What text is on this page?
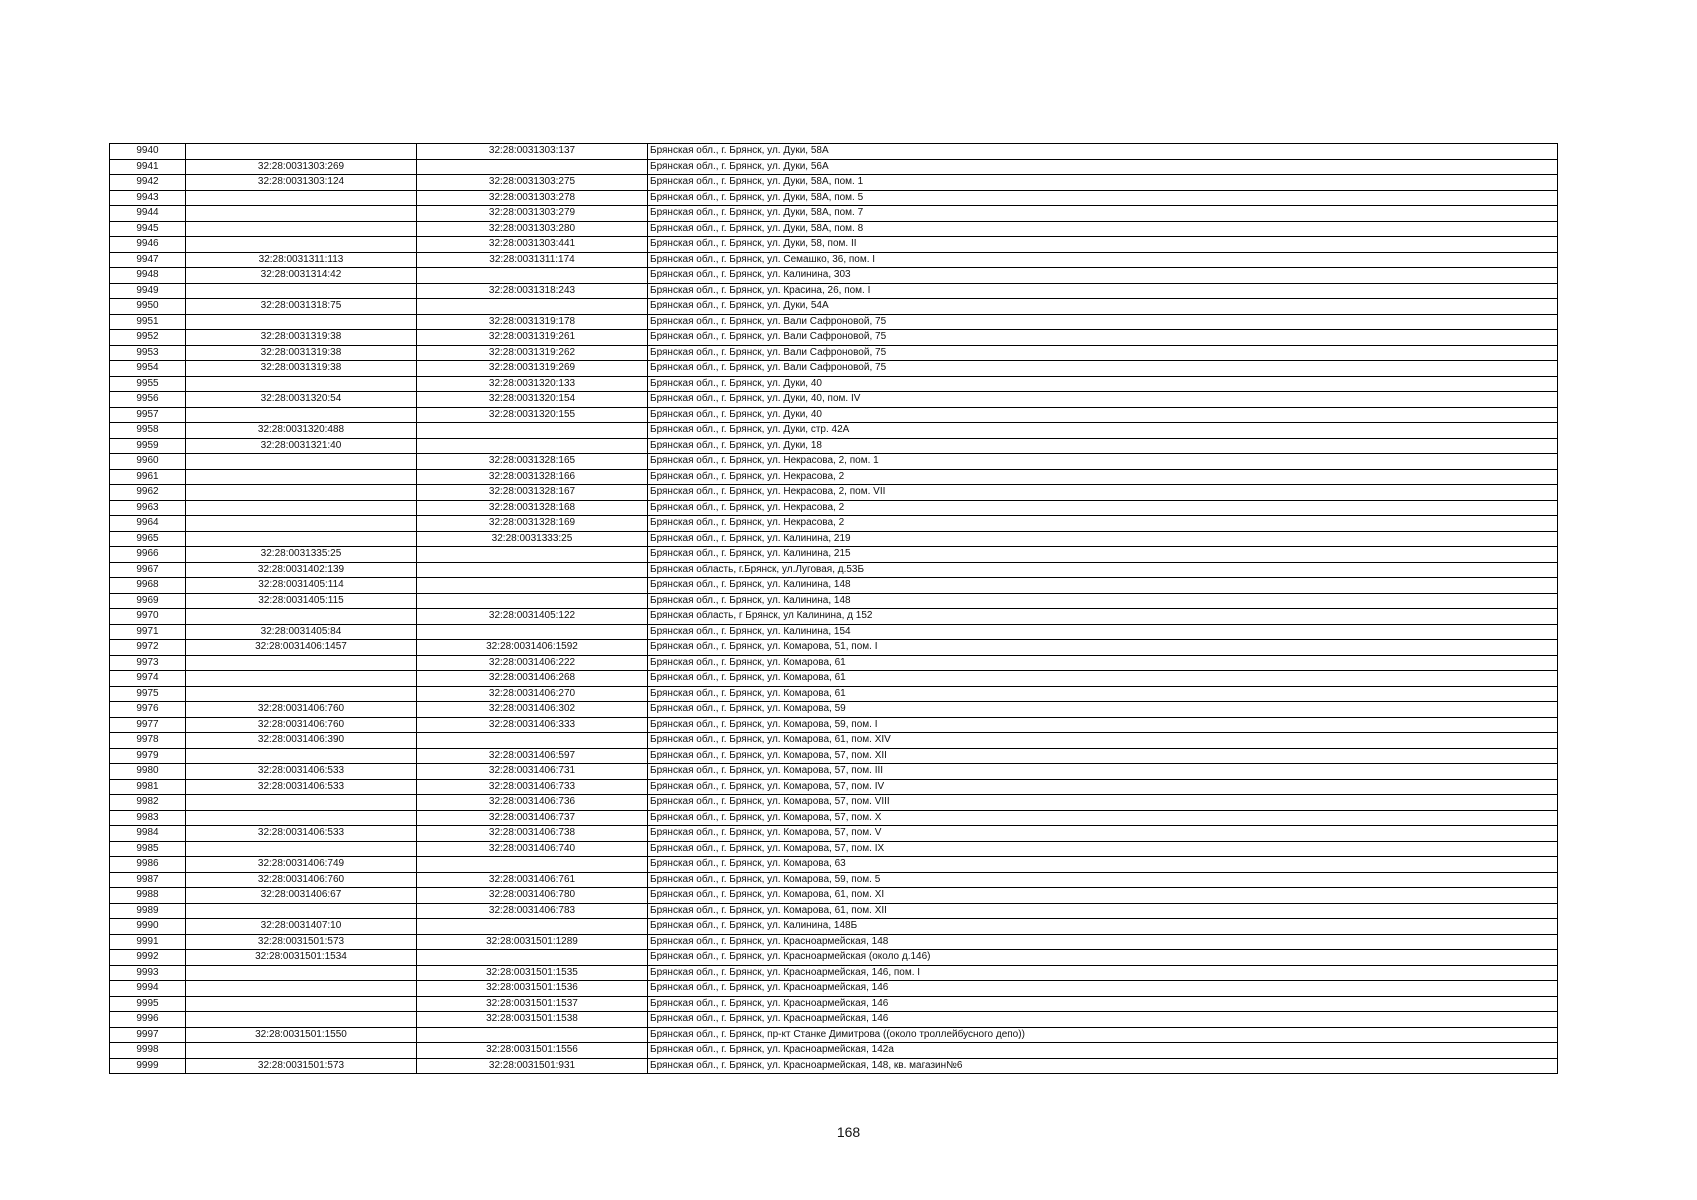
9940		32:28:0031303:137	Брянская обл., г. Брянск, ул. Дуки, 58А
9941	32:28:0031303:269		Брянская обл., г. Брянск, ул. Дуки, 56А
9942	32:28:0031303:124	32:28:0031303:275	Брянская обл., г. Брянск, ул. Дуки, 58А, пом. 1
9943		32:28:0031303:278	Брянская обл., г. Брянск, ул. Дуки, 58А, пом. 5
9944		32:28:0031303:279	Брянская обл., г. Брянск, ул. Дуки, 58А, пом. 7
9945		32:28:0031303:280	Брянская обл., г. Брянск, ул. Дуки, 58А, пом. 8
9946		32:28:0031303:441	Брянская обл., г. Брянск, ул. Дуки, 58, пом. II
9947	32:28:0031311:113	32:28:0031311:174	Брянская обл., г. Брянск, ул. Семашко, 36, пом. I
9948	32:28:0031314:42		Брянская обл., г. Брянск, ул. Калинина, 303
9949		32:28:0031318:243	Брянская обл., г. Брянск, ул. Красина, 26, пом. I
9950	32:28:0031318:75		Брянская обл., г. Брянск, ул. Дуки, 54А
9951		32:28:0031319:178	Брянская обл., г. Брянск, ул. Вали Сафроновой, 75
9952	32:28:0031319:38	32:28:0031319:261	Брянская обл., г. Брянск, ул. Вали Сафроновой, 75
9953	32:28:0031319:38	32:28:0031319:262	Брянская обл., г. Брянск, ул. Вали Сафроновой, 75
9954	32:28:0031319:38	32:28:0031319:269	Брянская обл., г. Брянск, ул. Вали Сафроновой, 75
9955		32:28:0031320:133	Брянская обл., г. Брянск, ул. Дуки, 40
9956	32:28:0031320:54	32:28:0031320:154	Брянская обл., г. Брянск, ул. Дуки, 40, пом. IV
9957		32:28:0031320:155	Брянская обл., г. Брянск, ул. Дуки, 40
9958	32:28:0031320:488		Брянская обл., г. Брянск, ул. Дуки, стр. 42А
9959	32:28:0031321:40		Брянская обл., г. Брянск, ул. Дуки, 18
9960		32:28:0031328:165	Брянская обл., г. Брянск, ул. Некрасова, 2, пом. 1
9961		32:28:0031328:166	Брянская обл., г. Брянск, ул. Некрасова, 2
9962		32:28:0031328:167	Брянская обл., г. Брянск, ул. Некрасова, 2, пом. VII
9963		32:28:0031328:168	Брянская обл., г. Брянск, ул. Некрасова, 2
9964		32:28:0031328:169	Брянская обл., г. Брянск, ул. Некрасова, 2
9965		32:28:0031333:25	Брянская обл., г. Брянск, ул. Калинина, 219
9966	32:28:0031335:25		Брянская обл., г. Брянск, ул. Калинина, 215
9967	32:28:0031402:139		Брянская область, г.Брянск, ул.Луговая, д.53Б
9968	32:28:0031405:114		Брянская обл., г. Брянск, ул. Калинина, 148
9969	32:28:0031405:115		Брянская обл., г. Брянск, ул. Калинина, 148
9970		32:28:0031405:122	Брянская область, г Брянск, ул Калинина, д 152
9971	32:28:0031405:84		Брянская обл., г. Брянск, ул. Калинина, 154
9972	32:28:0031406:1457	32:28:0031406:1592	Брянская обл., г. Брянск, ул. Комарова, 51, пом. I
9973		32:28:0031406:222	Брянская обл., г. Брянск, ул. Комарова, 61
9974		32:28:0031406:268	Брянская обл., г. Брянск, ул. Комарова, 61
9975		32:28:0031406:270	Брянская обл., г. Брянск, ул. Комарова, 61
9976	32:28:0031406:760	32:28:0031406:302	Брянская обл., г. Брянск, ул. Комарова, 59
9977	32:28:0031406:760	32:28:0031406:333	Брянская обл., г. Брянск, ул. Комарова, 59, пом. I
9978	32:28:0031406:390		Брянская обл., г. Брянск, ул. Комарова, 61, пом. XIV
9979		32:28:0031406:597	Брянская обл., г. Брянск, ул. Комарова, 57, пом. XII
9980	32:28:0031406:533	32:28:0031406:731	Брянская обл., г. Брянск, ул. Комарова, 57, пом. III
9981	32:28:0031406:533	32:28:0031406:733	Брянская обл., г. Брянск, ул. Комарова, 57, пом. IV
9982		32:28:0031406:736	Брянская обл., г. Брянск, ул. Комарова, 57, пом. VIII
9983		32:28:0031406:737	Брянская обл., г. Брянск, ул. Комарова, 57, пом. X
9984	32:28:0031406:533	32:28:0031406:738	Брянская обл., г. Брянск, ул. Комарова, 57, пом. V
9985		32:28:0031406:740	Брянская обл., г. Брянск, ул. Комарова, 57, пом. IX
9986	32:28:0031406:749		Брянская обл., г. Брянск, ул. Комарова, 63
9987	32:28:0031406:760	32:28:0031406:761	Брянская обл., г. Брянск, ул. Комарова, 59, пом. 5
9988	32:28:0031406:67	32:28:0031406:780	Брянская обл., г. Брянск, ул. Комарова, 61, пом. XI
9989		32:28:0031406:783	Брянская обл., г. Брянск, ул. Комарова, 61, пом. XII
9990	32:28:0031407:10		Брянская обл., г. Брянск, ул. Калинина, 148Б
9991	32:28:0031501:573	32:28:0031501:1289	Брянская обл., г. Брянск, ул. Красноармейская, 148
9992	32:28:0031501:1534		Брянская обл., г. Брянск, ул. Красноармейская (около д.146)
9993		32:28:0031501:1535	Брянская обл., г. Брянск, ул. Красноармейская, 146, пом. I
9994		32:28:0031501:1536	Брянская обл., г. Брянск, ул. Красноармейская, 146
9995		32:28:0031501:1537	Брянская обл., г. Брянск, ул. Красноармейская, 146
9996		32:28:0031501:1538	Брянская обл., г. Брянск, ул. Красноармейская, 146
9997	32:28:0031501:1550		Брянская обл., г. Брянск, пр-кт Станке Димитрова ((около троллейбусного депо))
9998		32:28:0031501:1556	Брянская обл., г. Брянск, ул. Красноармейская, 142а
9999	32:28:0031501:573	32:28:0031501:931	Брянская обл., г. Брянск, ул. Красноармейская, 148, кв. магазин№6
168
